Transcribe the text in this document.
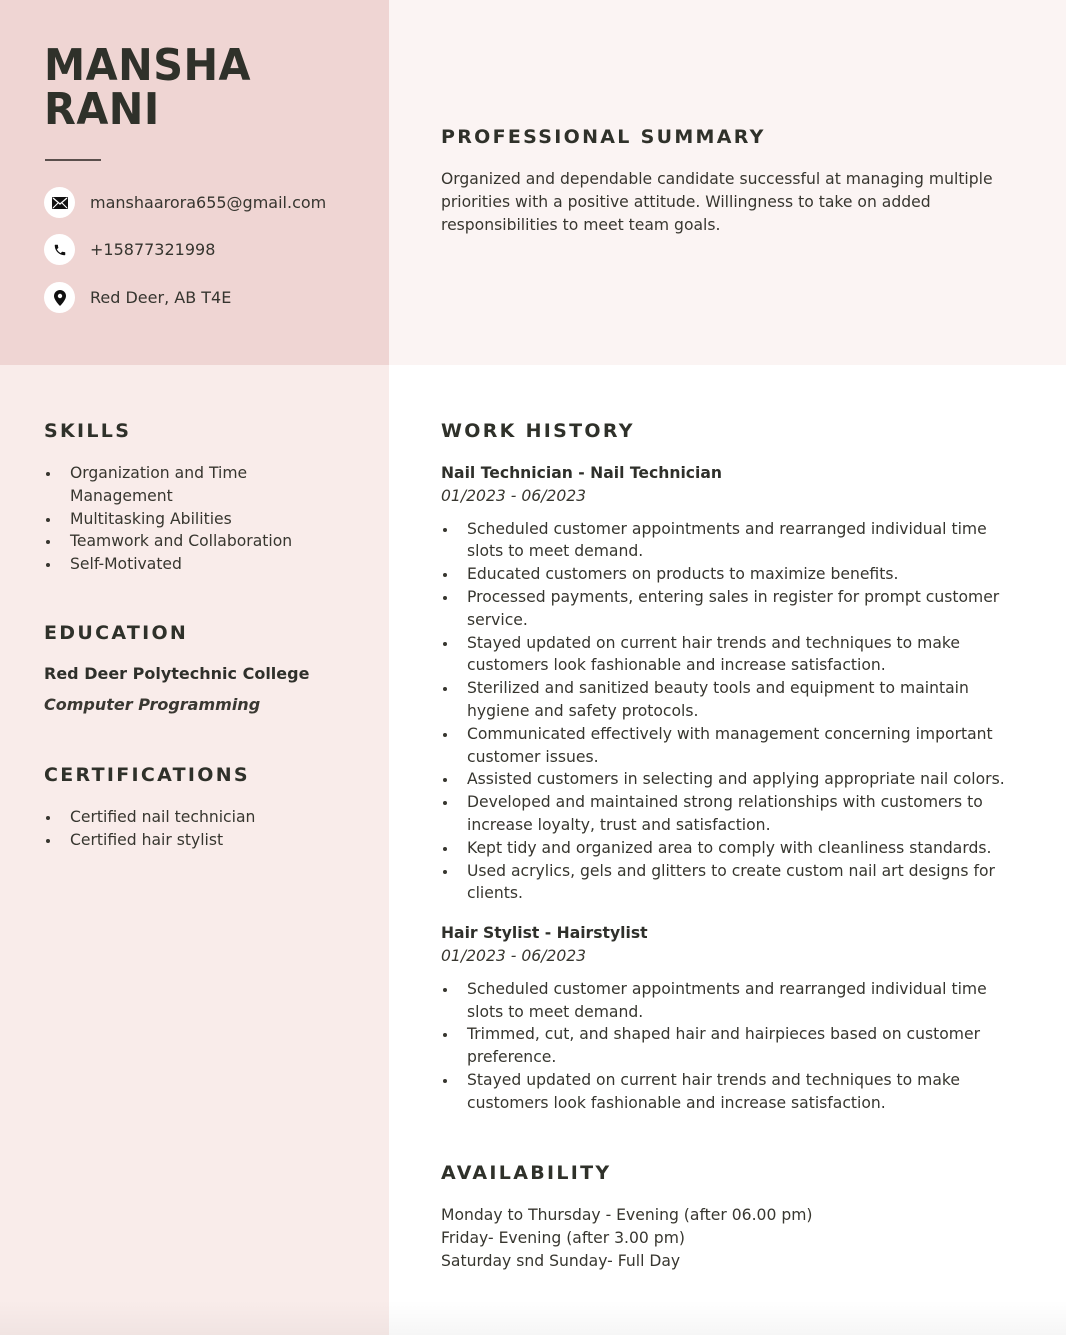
MANSHA
RANI
manshaarora655@gmail.com
+15877321998
Red Deer, AB T4E
PROFESSIONAL SUMMARY
Organized and dependable candidate successful at managing multiple priorities with a positive attitude. Willingness to take on added responsibilities to meet team goals.
SKILLS
Organization and Time Management
Multitasking Abilities
Teamwork and Collaboration
Self-Motivated
EDUCATION
Red Deer Polytechnic College
Computer Programming
CERTIFICATIONS
Certified nail technician
Certified hair stylist
WORK HISTORY
Nail Technician - Nail Technician
01/2023 - 06/2023
Scheduled customer appointments and rearranged individual time slots to meet demand.
Educated customers on products to maximize benefits.
Processed payments, entering sales in register for prompt customer service.
Stayed updated on current hair trends and techniques to make customers look fashionable and increase satisfaction.
Sterilized and sanitized beauty tools and equipment to maintain hygiene and safety protocols.
Communicated effectively with management concerning important customer issues.
Assisted customers in selecting and applying appropriate nail colors.
Developed and maintained strong relationships with customers to increase loyalty, trust and satisfaction.
Kept tidy and organized area to comply with cleanliness standards.
Used acrylics, gels and glitters to create custom nail art designs for clients.
Hair Stylist - Hairstylist
01/2023 - 06/2023
Scheduled customer appointments and rearranged individual time slots to meet demand.
Trimmed, cut, and shaped hair and hairpieces based on customer preference.
Stayed updated on current hair trends and techniques to make customers look fashionable and increase satisfaction.
AVAILABILITY
Monday to Thursday - Evening (after 06.00 pm)
Friday- Evening (after 3.00 pm)
Saturday snd Sunday- Full Day
